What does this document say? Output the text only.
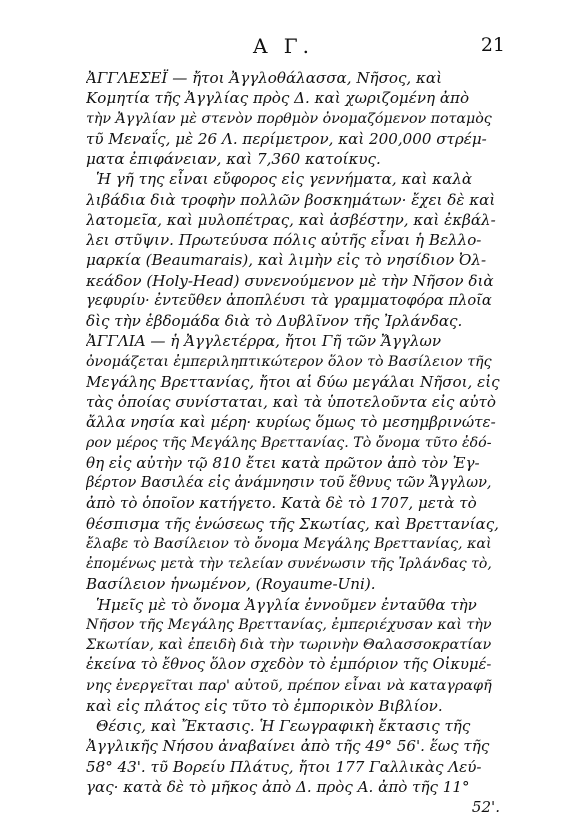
Α Γ.	21
ἈΓΓΛΕΣΕΪ — ἤτοι Ἀγγλοθάλασσα, Νῆσος, καὶ
Κομητία τῆς Ἀγγλίας πρὸς Δ. καὶ χωριζομένη ἀπὸ
τὴν Ἀγγλίαν μὲ στενὸν πορθμὸν ὀνομαζόμενον ποταμὸς
τῦ Μεναΐς, μὲ 26 Λ. περίμετρον, καὶ 200,000 στρέμ-
ματα ἐπιφάνειαν, καὶ 7,360 κατοίκυς.
Ἡ γῆ της εἶναι εὔφορος εἰς γεννήματα, καὶ καλὰ
λιβάδια διὰ τροφὴν πολλῶν βοσκημάτων· ἔχει δὲ καὶ
λατομεῖα, καὶ μυλοπέτρας, καὶ ἀσβέστην, καὶ ἐκβάλ-
λει στῦψιν. Πρωτεύυσα πόλις αὐτῆς εἶναι ἡ Βελλο-
μαρκία (Beaumarais), καὶ λιμὴν εἰς τὸ νησίδιον Ὀλ-
κεάδον (Holy-Head) συνενούμενον μὲ τὴν Νῆσον διὰ
γεφυρίυ· ἐντεῦθεν ἀποπλέυσι τὰ γραμματοφόρα πλοῖα
δὶς τὴν ἑβδομάδα διὰ τὸ Δυβλῖνον τῆς Ἰρλάνδας.
ἈΓΓΛΙΑ — ἡ Ἀγγλετέρρα, ἤτοι Γῆ τῶν Ἄγγλων
ὀνομάζεται ἐμπεριληπτικώτερον ὅλον τὸ Βασίλειον τῆς
Μεγάλης Βρεττανίας, ἤτοι αἱ δύω μεγάλαι Νῆσοι, εἰς
τὰς ὁποίας συνίσταται, καὶ τὰ ὑποτελοῦντα εἰς αὐτὸ
ἄλλα νησία καὶ μέρη· κυρίως ὅμως τὸ μεσημβρινώτε-
ρον μέρος τῆς Μεγάλης Βρεττανίας. Τὸ ὄνομα τῦτο ἐδό-
θη εἰς αὐτὴν τῷ 810 ἔτει κατὰ πρῶτον ἀπὸ τὸν Ἐγ-
βέρτον Βασιλέα εἰς ἀνάμνησιν τοῦ ἔθνυς τῶν Ἄγγλων,
ἀπὸ τὸ ὁποῖον κατήγετο. Κατὰ δὲ τὸ 1707, μετὰ τὸ
θέσπισμα τῆς ἑνώσεως τῆς Σκωτίας, καὶ Βρεττανίας,
ἔλαβε τὸ Βασίλειον τὸ ὄνομα Μεγάλης Βρεττανίας, καὶ
ἐπομένως μετὰ τὴν τελείαν συνένωσιν τῆς Ἰρλάνδας τὸ,
Βασίλειον ἡνωμένον, (Royaume-Uni).
Ἡμεῖς μὲ τὸ ὄνομα Ἀγγλία ἐννοῦμεν ἐνταῦθα τὴν
Νῆσον τῆς Μεγάλης Βρεττανίας, ἐμπεριέχυσαν καὶ τὴν
Σκωτίαν, καὶ ἐπειδὴ διὰ τὴν τωρινὴν Θαλασσοκρατίαν
ἐκείνα τὸ ἔθνος ὅλον σχεδὸν τὸ ἐμπόριον τῆς Οἰκυμέ-
νης ἐνεργεῖται παρ' αὐτοῦ, πρέπον εἶναι νὰ καταγραφῆ
καὶ εἰς πλάτος εἰς τῦτο τὸ ἐμπορικὸν Βιβλίον.
Θέσις, καὶ Ἔκτασις. Ἡ Γεωγραφικὴ ἔκτασις τῆς
Ἀγγλικῆς Νήσου ἀναβαίνει ἀπὸ τῆς 49° 56'. ἕως τῆς
58° 43'. τῦ Βορείυ Πλάτυς, ἤτοι 177 Γαλλικὰς Λεύ-
γας· κατὰ δὲ τὸ μῆκος ἀπὸ Δ. πρὸς Α. ἀπὸ τῆς 11°
52'.
